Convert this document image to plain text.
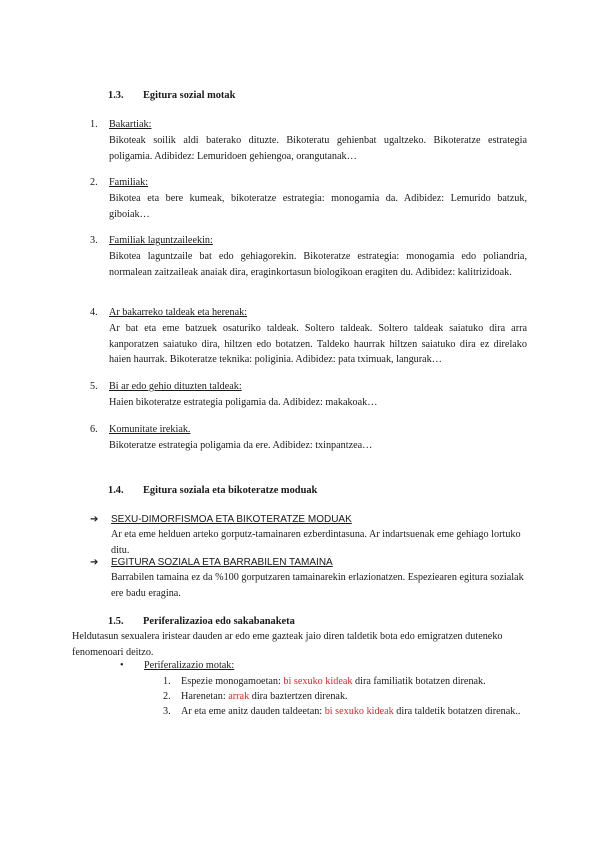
1.3. Egitura sozial motak
1. Bakartiak:
Bikoteak soilik aldi baterako dituzte. Bikoteratu gehienbat ugaltzeko. Bikoteratze estrategia poligamia. Adibidez: Lemuridoen gehiengoa, orangutanak…
2. Familiak:
Bikotea eta bere kumeak, bikoteratze estrategia: monogamia da. Adibidez: Lemurido batzuk, giboiak…
3. Familiak laguntzaileekin:
Bikotea laguntzaile bat edo gehiagorekin. Bikoteratze estrategia: monogamia edo poliandria, normalean zaitzaileak anaiak dira, eraginkortasun biologikoan eragiten du. Adibidez: kalitrizidoak.
4. Ar bakarreko taldeak eta herenak:
Ar bat eta eme batzuek osaturiko taldeak. Soltero taldeak. Soltero taldeak saiatuko dira arra kanporatzen saiatuko dira, hiltzen edo botatzen. Taldeko haurrak hiltzen saiatuko dira ez direlako haien haurrak. Bikoteratze teknika: poliginia. Adibidez: pata tximuak, langurak…
5. Bi ar edo gehio dituzten taldeak:
Haien bikoteratze estrategia poligamia da. Adibidez: makakoak…
6. Komunitate irekiak.
Bikoteratze estrategia poligamia da ere. Adibidez: txinpantzea…
1.4. Egitura soziala eta bikoteratze moduak
➔ SEXU-DIMORFISMOA ETA BIKOTERATZE MODUAK
Ar eta eme helduen arteko gorputz-tamainaren ezberdintasuna. Ar indartsuenak eme gehiago lortuko ditu.
➔ EGITURA SOZIALA ETA BARRABILEN TAMAINA
Barrabilen tamaina ez da %100 gorputzaren tamainarekin erlazionatzen. Espeziearen egitura sozialak ere badu eragina.
1.5. Periferalizazioa edo sakabanaketa
Heldutasun sexualera iristear dauden ar edo eme gazteak jaio diren taldetik bota edo emigratzen duteneko fenomenoari deitzo.
• Periferalizazio motak:
1. Espezie monogamoetan: bi sexuko kideak dira familiatik botatzen direnak.
2. Harenetan: arrak dira baztertzen direnak.
3. Ar eta eme anitz dauden taldeetan: bi sexuko kideak dira taldetik botatzen direnak..
